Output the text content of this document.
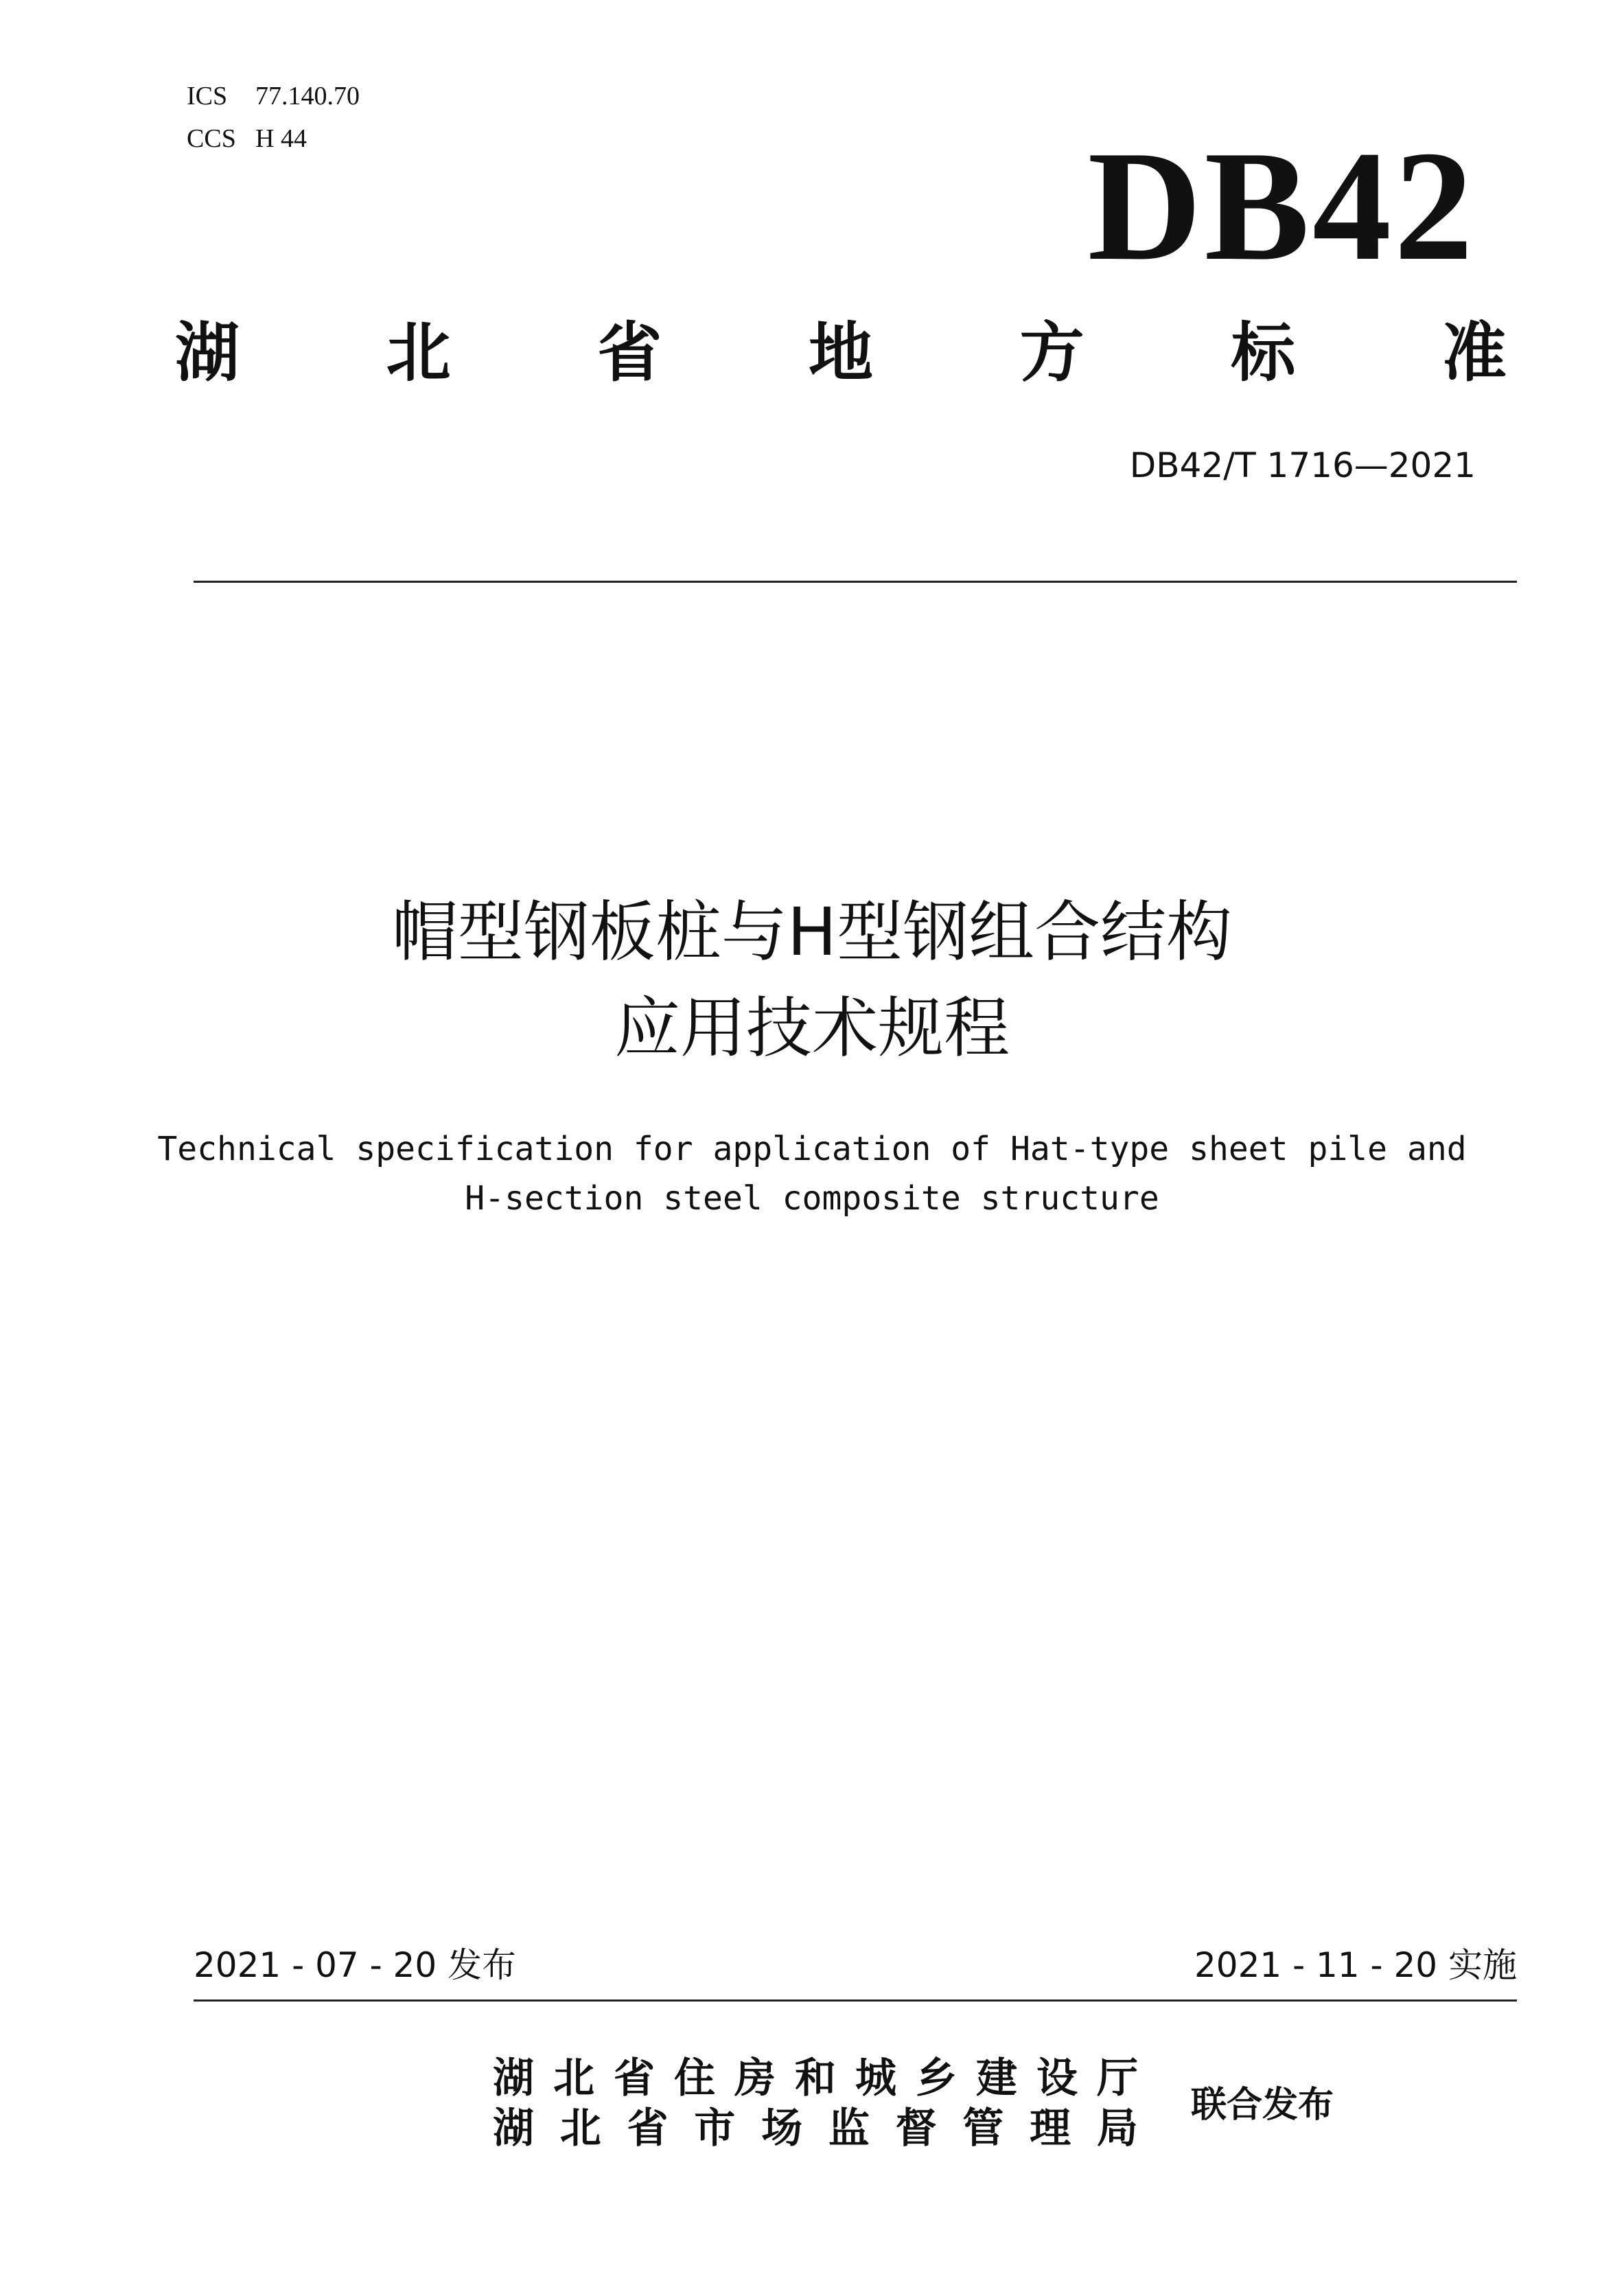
ICS 77.140.70
CCS H 44	DB42
湖 北 省 地 方 标 准
DB42/T 1716—2021
帽型钢板桩与H型钢组合结构
应用技术规程
Technical specification for application of Hat-type sheet pile and
H-section steel composite structure
2021 - 07 - 20 发布	2021 - 11 - 20 实施
湖 北 省 住 房 和 城 乡 建 设 厅
湖 北 省 市 场 监 督 管 理 局 联合发布
